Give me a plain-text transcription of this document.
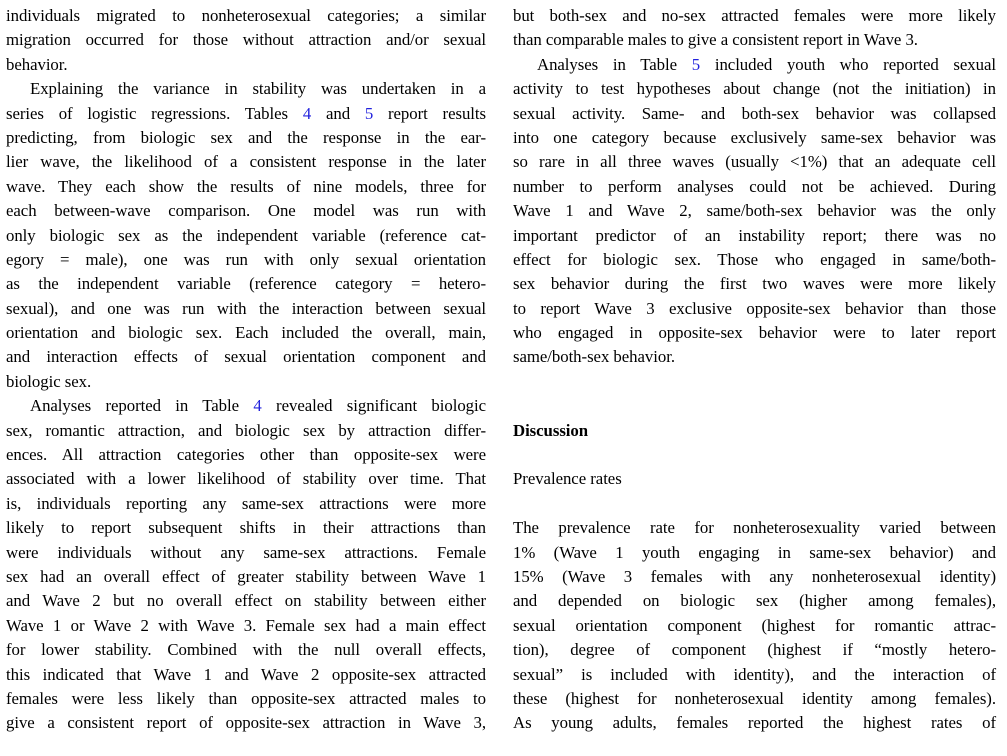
individuals migrated to nonheterosexual categories; a similar
migration occurred for those without attraction and/or sexual
behavior.
Explaining the variance in stability was undertaken in a
series of logistic regressions. Tables 4 and 5 report results
predicting, from biologic sex and the response in the ear-
lier wave, the likelihood of a consistent response in the later
wave. They each show the results of nine models, three for
each between-wave comparison. One model was run with
only biologic sex as the independent variable (reference cat-
egory = male), one was run with only sexual orientation
as the independent variable (reference category = hetero-
sexual), and one was run with the interaction between sexual
orientation and biologic sex. Each included the overall, main,
and interaction effects of sexual orientation component and
biologic sex.
Analyses reported in Table 4 revealed significant biologic
sex, romantic attraction, and biologic sex by attraction differ-
ences. All attraction categories other than opposite-sex were
associated with a lower likelihood of stability over time. That
is, individuals reporting any same-sex attractions were more
likely to report subsequent shifts in their attractions than
were individuals without any same-sex attractions. Female
sex had an overall effect of greater stability between Wave 1
and Wave 2 but no overall effect on stability between either
Wave 1 or Wave 2 with Wave 3. Female sex had a main effect
for lower stability. Combined with the null overall effects,
this indicated that Wave 1 and Wave 2 opposite-sex attracted
females were less likely than opposite-sex attracted males to
give a consistent report of opposite-sex attraction in Wave 3,
but both-sex and no-sex attracted females were more likely
than comparable males to give a consistent report in Wave 3.
Analyses in Table 5 included youth who reported sexual
activity to test hypotheses about change (not the initiation) in
sexual activity. Same- and both-sex behavior was collapsed
into one category because exclusively same-sex behavior was
so rare in all three waves (usually <1%) that an adequate cell
number to perform analyses could not be achieved. During
Wave 1 and Wave 2, same/both-sex behavior was the only
important predictor of an instability report; there was no
effect for biologic sex. Those who engaged in same/both-
sex behavior during the first two waves were more likely
to report Wave 3 exclusive opposite-sex behavior than those
who engaged in opposite-sex behavior were to later report
same/both-sex behavior.

Discussion

Prevalence rates

The prevalence rate for nonheterosexuality varied between
1% (Wave 1 youth engaging in same-sex behavior) and
15% (Wave 3 females with any nonheterosexual identity)
and depended on biologic sex (higher among females),
sexual orientation component (highest for romantic attrac-
tion), degree of component (highest if “mostly hetero-
sexual” is included with identity), and the interaction of
these (highest for nonheterosexual identity among females).
As young adults, females reported the highest rates of
